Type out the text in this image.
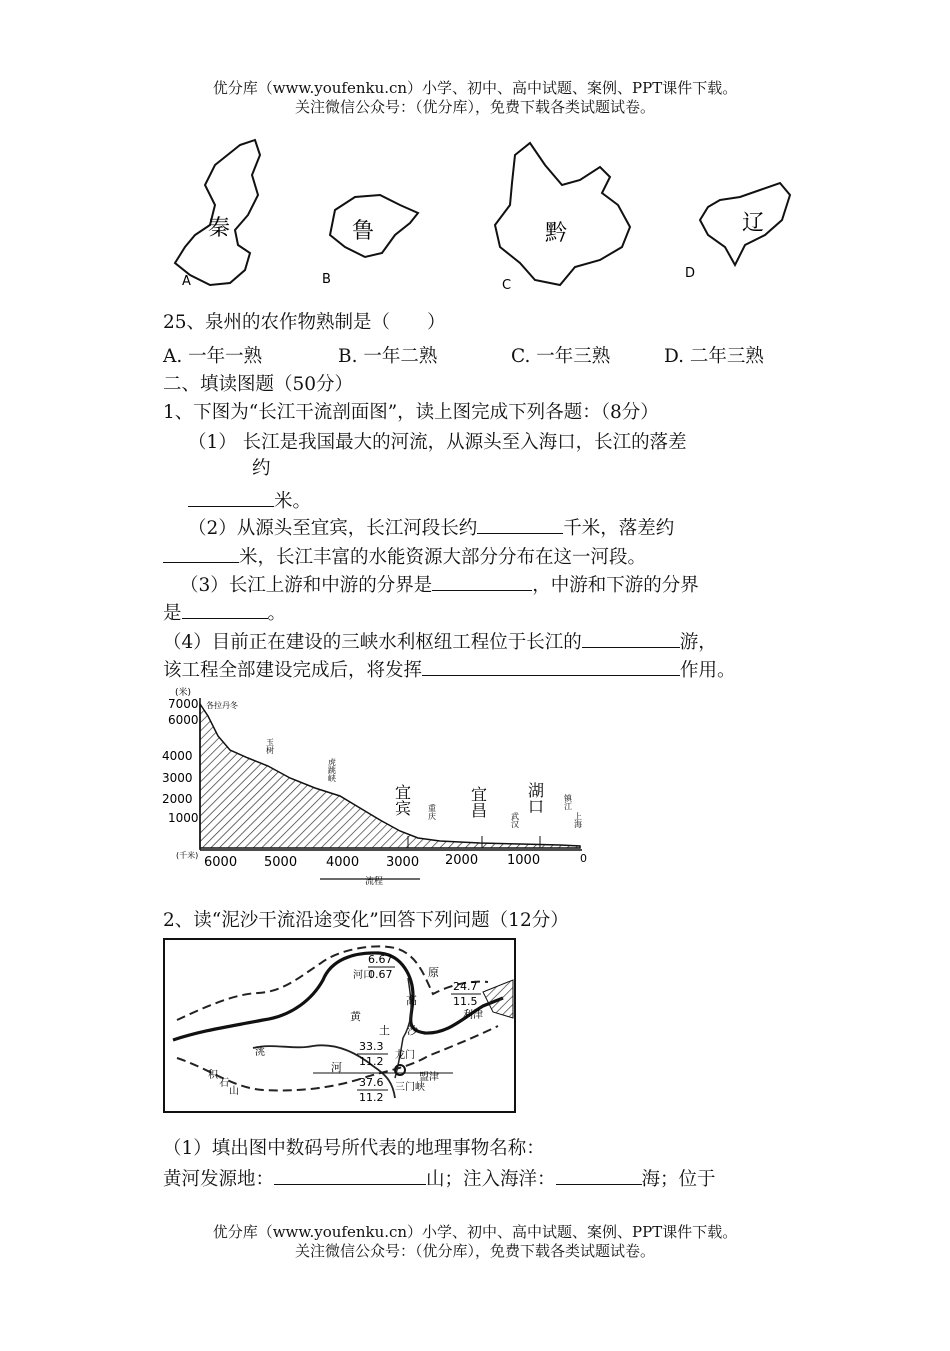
优分库（www.youfenku.cn）小学、初中、高中试题、案例、PPT课件下载。
关注微信公众号：（优分库），免费下载各类试题试卷。
秦
A
鲁
B
黔
C
辽
D
25、泉州的农作物熟制是（　　）
A. 一年一熟	B. 一年二熟	C. 一年三熟	D. 二年三熟
二、填读图题（50分）
1、下图为“长江干流剖面图”，读上图完成下列各题：（8分）
（1） 长江是我国最大的河流，从源头至入海口，长江的落差
约
米。
（2）从源头至宜宾，长江河段长约	千米，落差约
米，长江丰富的水能资源大部分分布在这一河段。
（3）长江上游和中游的分界是	，中游和下游的分界
是	。
（4）目前正在建设的三峡水利枢纽工程位于长江的	游，
该工程全部建设完成后，将发挥	作用。
(米)
7000
6000
4000
3000
2000
1000
各拉丹冬
(千米) 6000 5000 4000 3000 2000 1000	0
玉树
虎跳峡
宜宾 重庆 宜昌
武汉
湖口 镇江
上海
流程
2、读“泥沙干流沿途变化”回答下列问题（12分）
6.67
0.67
河口	原
24.7
11.5
利津
黄
土
高
沙
龙门
三门峡
河
33.3
11.2
37.6
11.2
盟津
洮
积
石
山
（1）填出图中数码号所代表的地理事物名称：
黄河发源地：	山；注入海洋：	海；位于
优分库（www.youfenku.cn）小学、初中、高中试题、案例、PPT课件下载。
关注微信公众号：（优分库），免费下载各类试题试卷。
